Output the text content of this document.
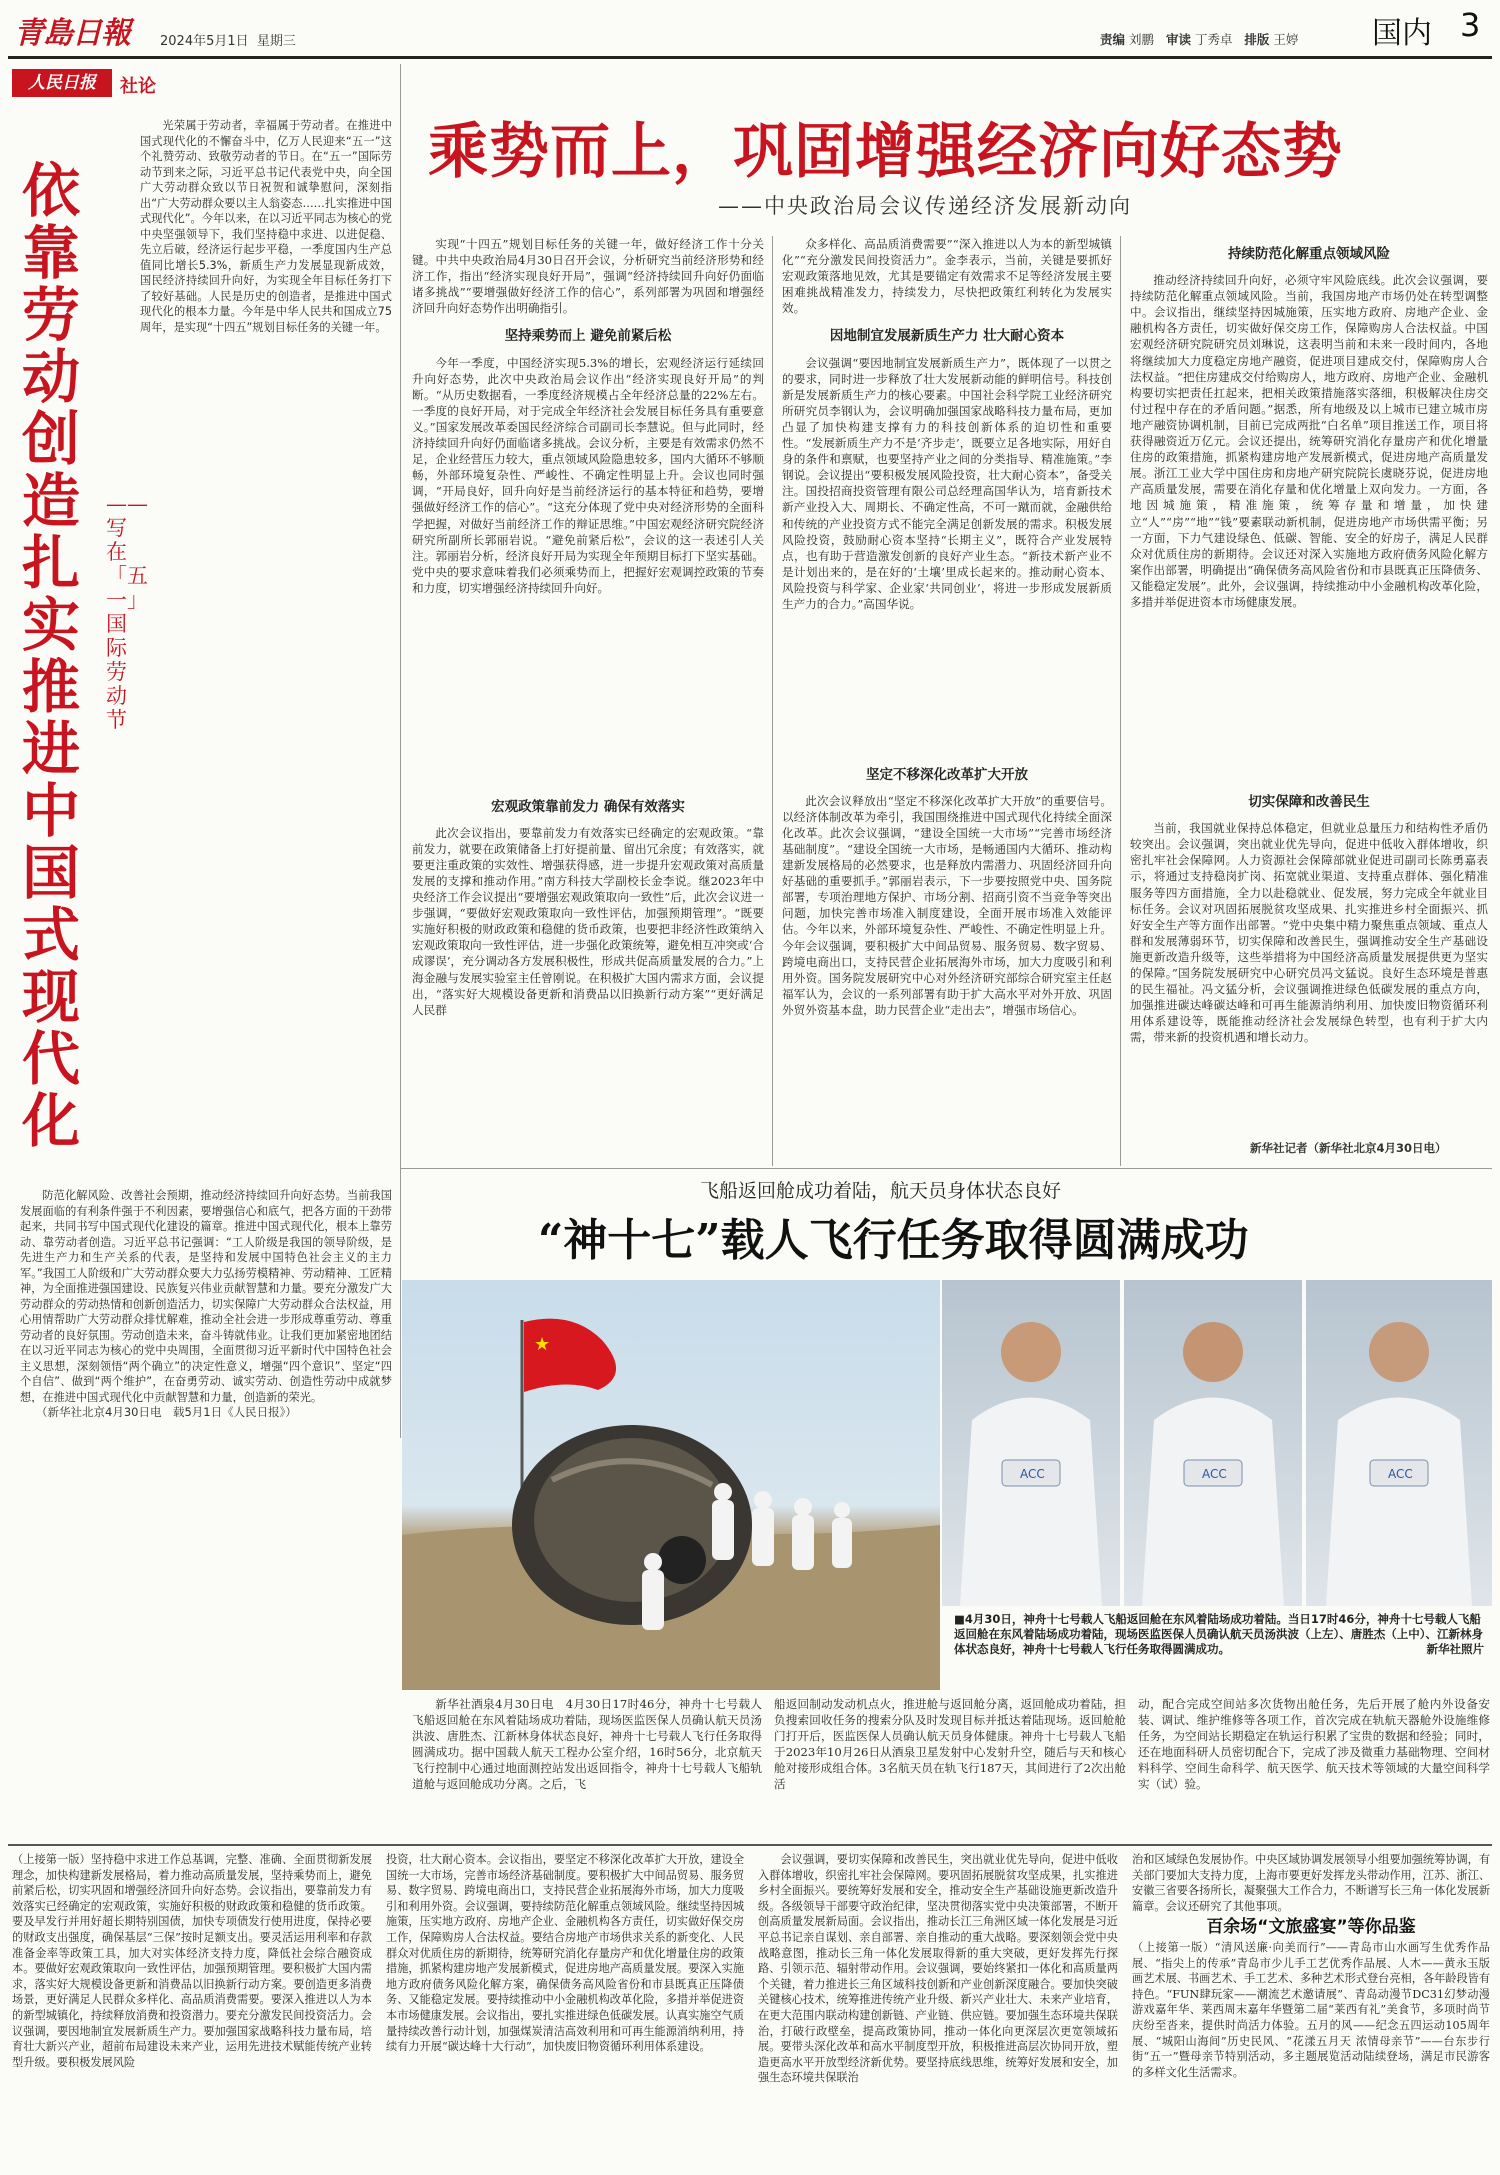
青島日報 2024年5月1日 星期三	责编 刘鹏 审读 丁秀卓 排版 王婷 国内 3
人民日报	社论
依靠劳动创造扎实推进中国式现代化
——写在「五一」国际劳动节

光荣属于劳动者，幸福属于劳动者。在推进中国式现代化的不懈奋斗中，亿万人民迎来“五一”这个礼赞劳动、致敬劳动者的节日。在“五一”国际劳动节到来之际，习近平总书记代表党中央，向全国广大劳动群众致以节日祝贺和诚挚慰问，深刻指出“广大劳动群众要以主人翁姿态……扎实推进中国式现代化”。今年以来，在以习近平同志为核心的党中央坚强领导下，我们坚持稳中求进、以进促稳、先立后破，经济运行起步平稳，一季度国内生产总值同比增长5.3%，新质生产力发展显现新成效，国民经济持续回升向好，为实现全年目标任务打下了较好基础。人民是历史的创造者，是推进中国式现代化的根本力量。今年是中华人民共和国成立75周年，是实现“十四五”规划目标任务的关键一年。

防范化解风险、改善社会预期，推动经济持续回升向好态势。当前我国发展面临的有利条件强于不利因素，要增强信心和底气，把各方面的干劲带起来，共同书写中国式现代化建设的篇章。推进中国式现代化，根本上靠劳动、靠劳动者创造。习近平总书记强调：“工人阶级是我国的领导阶级，是先进生产力和生产关系的代表，是坚持和发展中国特色社会主义的主力军。”我国工人阶级和广大劳动群众要大力弘扬劳模精神、劳动精神、工匠精神，为全面推进强国建设、民族复兴伟业贡献智慧和力量。要充分激发广大劳动群众的劳动热情和创新创造活力，切实保障广大劳动群众合法权益，用心用情帮助广大劳动群众排忧解难，推动全社会进一步形成尊重劳动、尊重劳动者的良好氛围。劳动创造未来，奋斗铸就伟业。让我们更加紧密地团结在以习近平同志为核心的党中央周围，全面贯彻习近平新时代中国特色社会主义思想，深刻领悟“两个确立”的决定性意义，增强“四个意识”、坚定“四个自信”、做到“两个维护”，在奋勇劳动、诚实劳动、创造性劳动中成就梦想，在推进中国式现代化中贡献智慧和力量，创造新的荣光。

（新华社北京4月30日电　载5月1日《人民日报》）
乘势而上，巩固增强经济向好态势
——中央政治局会议传递经济发展新动向

实现“十四五”规划目标任务的关键一年，做好经济工作十分关键。中共中央政治局4月30日召开会议，分析研究当前经济形势和经济工作，指出“经济实现良好开局”，强调“经济持续回升向好仍面临诸多挑战”“要增强做好经济工作的信心”，系列部署为巩固和增强经济回升向好态势作出明确指引。

坚持乘势而上 避免前紧后松

今年一季度，中国经济实现5.3%的增长，宏观经济运行延续回升向好态势，此次中央政治局会议作出“经济实现良好开局”的判断。“从历史数据看，一季度经济规模占全年经济总量的22%左右。一季度的良好开局，对于完成全年经济社会发展目标任务具有重要意义。”国家发展改革委国民经济综合司副司长李慧说。但与此同时，经济持续回升向好仍面临诸多挑战。会议分析，主要是有效需求仍然不足，企业经营压力较大，重点领域风险隐患较多，国内大循环不够顺畅，外部环境复杂性、严峻性、不确定性明显上升。会议也同时强调，“开局良好，回升向好是当前经济运行的基本特征和趋势，要增强做好经济工作的信心”。“这充分体现了党中央对经济形势的全面科学把握，对做好当前经济工作的辩证思维。”中国宏观经济研究院经济研究所副所长郭丽岩说。“避免前紧后松”，会议的这一表述引人关注。郭丽岩分析，经济良好开局为实现全年预期目标打下坚实基础。党中央的要求意味着我们必须乘势而上，把握好宏观调控政策的节奏和力度，切实增强经济持续回升向好。

宏观政策靠前发力 确保有效落实

此次会议指出，要靠前发力有效落实已经确定的宏观政策。“靠前发力，就要在政策储备上打好提前量、留出冗余度；有效落实，就要更注重政策的实效性、增强获得感，进一步提升宏观政策对高质量发展的支撑和推动作用。”南方科技大学副校长金李说。继2023年中央经济工作会议提出“要增强宏观政策取向一致性”后，此次会议进一步强调，“要做好宏观政策取向一致性评估，加强预期管理”。“既要实施好积极的财政政策和稳健的货币政策，也要把非经济性政策纳入宏观政策取向一致性评估，进一步强化政策统筹，避免相互冲突或‘合成谬误’，充分调动各方发展积极性，形成共促高质量发展的合力。”上海金融与发展实验室主任曾刚说。在积极扩大国内需求方面，会议提出，“落实好大规模设备更新和消费品以旧换新行动方案”“更好满足人民群

众多样化、高品质消费需要”“深入推进以人为本的新型城镇化”“充分激发民间投资活力”。金李表示，当前，关键是要抓好宏观政策落地见效，尤其是要锚定有效需求不足等经济发展主要困难挑战精准发力，持续发力，尽快把政策红利转化为发展实效。

因地制宜发展新质生产力 壮大耐心资本

会议强调“要因地制宜发展新质生产力”，既体现了一以贯之的要求，同时进一步释放了壮大发展新动能的鲜明信号。科技创新是发展新质生产力的核心要素。中国社会科学院工业经济研究所研究员李钢认为，会议明确加强国家战略科技力量布局，更加凸显了加快构建支撑有力的科技创新体系的迫切性和重要性。“发展新质生产力不是‘齐步走’，既要立足各地实际，用好自身的条件和禀赋，也要坚持产业之间的分类指导、精准施策。”李钢说。会议提出“要积极发展风险投资，壮大耐心资本”，备受关注。国投招商投资管理有限公司总经理高国华认为，培育新技术新产业投入大、周期长、不确定性高，不可一蹴而就，金融供给和传统的产业投资方式不能完全满足创新发展的需求。积极发展风险投资，鼓励耐心资本坚持“长期主义”，既符合产业发展特点，也有助于营造激发创新的良好产业生态。“新技术新产业不是计划出来的，是在好的‘土壤’里成长起来的。推动耐心资本、风险投资与科学家、企业家‘共同创业’，将进一步形成发展新质生产力的合力。”高国华说。

坚定不移深化改革扩大开放

此次会议释放出“坚定不移深化改革扩大开放”的重要信号。以经济体制改革为牵引，我国围绕推进中国式现代化持续全面深化改革。此次会议强调，“建设全国统一大市场”“完善市场经济基础制度”。“建设全国统一大市场，是畅通国内大循环、推动构建新发展格局的必然要求，也是释放内需潜力、巩固经济回升向好基础的重要抓手。”郭丽岩表示，下一步要按照党中央、国务院部署，专项治理地方保护、市场分割、招商引资不当竞争等突出问题，加快完善市场准入制度建设，全面开展市场准入效能评估。今年以来，外部环境复杂性、严峻性、不确定性明显上升。今年会议强调，要积极扩大中间品贸易、服务贸易、数字贸易、跨境电商出口，支持民营企业拓展海外市场，加大力度吸引和利用外资。国务院发展研究中心对外经济研究部综合研究室主任赵福军认为，会议的一系列部署有助于扩大高水平对外开放、巩固外贸外资基本盘，助力民营企业“走出去”，增强市场信心。

持续防范化解重点领域风险

推动经济持续回升向好，必须守牢风险底线。此次会议强调，要持续防范化解重点领域风险。当前，我国房地产市场仍处在转型调整中。会议指出，继续坚持因城施策，压实地方政府、房地产企业、金融机构各方责任，切实做好保交房工作，保障购房人合法权益。中国宏观经济研究院研究员刘琳说，这表明当前和未来一段时间内，各地将继续加大力度稳定房地产融资，促进项目建成交付，保障购房人合法权益。“把住房建成交付给购房人，地方政府、房地产企业、金融机构要切实把责任扛起来，把相关政策措施落实落细，积极解决住房交付过程中存在的矛盾问题。”据悉，所有地级及以上城市已建立城市房地产融资协调机制，目前已完成两批“白名单”项目推送工作，项目将获得融资近万亿元。会议还提出，统筹研究消化存量房产和优化增量住房的政策措施，抓紧构建房地产发展新模式，促进房地产高质量发展。浙江工业大学中国住房和房地产研究院院长虞晓芬说，促进房地产高质量发展，需要在消化存量和优化增量上双向发力。一方面，各地因城施策，精准施策，统筹存量和增量，加快建立“人”“房”“地”“钱”要素联动新机制，促进房地产市场供需平衡；另一方面，下力气建设绿色、低碳、智能、安全的好房子，满足人民群众对优质住房的新期待。会议还对深入实施地方政府债务风险化解方案作出部署，明确提出“确保债务高风险省份和市县既真正压降债务、又能稳定发展”。此外，会议强调，持续推动中小金融机构改革化险，多措并举促进资本市场健康发展。

切实保障和改善民生

当前，我国就业保持总体稳定，但就业总量压力和结构性矛盾仍较突出。会议强调，突出就业优先导向，促进中低收入群体增收，织密扎牢社会保障网。人力资源社会保障部就业促进司副司长陈勇嘉表示，将通过支持稳岗扩岗、拓宽就业渠道、支持重点群体、强化精准服务等四方面措施，全力以赴稳就业、促发展，努力完成全年就业目标任务。会议对巩固拓展脱贫攻坚成果、扎实推进乡村全面振兴、抓好安全生产等方面作出部署。“党中央集中精力聚焦重点领域、重点人群和发展薄弱环节，切实保障和改善民生，强调推动安全生产基础设施更新改造升级等，这些举措将为中国经济高质量发展提供更为坚实的保障。”国务院发展研究中心研究员冯文猛说。良好生态环境是普惠的民生福祉。冯文猛分析，会议强调推进绿色低碳发展的重点方向，加强推进碳达峰碳达峰和可再生能源消纳利用、加快废旧物资循环利用体系建设等，既能推动经济社会发展绿色转型，也有利于扩大内需，带来新的投资机遇和增长动力。

新华社记者（新华社北京4月30日电）
飞船返回舱成功着陆，航天员身体状态良好
“神十七”载人飞行任务取得圆满成功
★
ACC	ACC	ACC
■4月30日，神舟十七号载人飞船返回舱在东风着陆场成功着陆。当日17时46分，神舟十七号载人飞船返回舱在东风着陆场成功着陆，现场医监医保人员确认航天员汤洪波（上左）、唐胜杰（上中）、江新林身体状态良好，神舟十七号载人飞行任务取得圆满成功。	新华社照片

新华社酒泉4月30日电　4月30日17时46分，神舟十七号载人飞船返回舱在东风着陆场成功着陆，现场医监医保人员确认航天员汤洪波、唐胜杰、江新林身体状态良好，神舟十七号载人飞行任务取得圆满成功。据中国载人航天工程办公室介绍，16时56分，北京航天飞行控制中心通过地面测控站发出返回指令，神舟十七号载人飞船轨道舱与返回舱成功分离。之后，飞

船返回制动发动机点火，推进舱与返回舱分离，返回舱成功着陆，担负搜索回收任务的搜索分队及时发现目标并抵达着陆现场。返回舱舱门打开后，医监医保人员确认航天员身体健康。神舟十七号载人飞船于2023年10月26日从酒泉卫星发射中心发射升空，随后与天和核心舱对接形成组合体。3名航天员在轨飞行187天，其间进行了2次出舱活

动，配合完成空间站多次货物出舱任务，先后开展了舱内外设备安装、调试、维护维修等各项工作，首次完成在轨航天器舱外设施维修任务，为空间站长期稳定在轨运行积累了宝贵的数据和经验；同时，还在地面科研人员密切配合下，完成了涉及微重力基础物理、空间材料科学、空间生命科学、航天医学、航天技术等领域的大量空间科学实（试）验。

（上接第一版）坚持稳中求进工作总基调，完整、准确、全面贯彻新发展理念，加快构建新发展格局，着力推动高质量发展，坚持乘势而上，避免前紧后松，切实巩固和增强经济回升向好态势。会议指出，要靠前发力有效落实已经确定的宏观政策，实施好积极的财政政策和稳健的货币政策。要及早发行并用好超长期特别国债，加快专项债发行使用进度，保持必要的财政支出强度，确保基层“三保”按时足额支出。要灵活运用利率和存款准备金率等政策工具，加大对实体经济支持力度，降低社会综合融资成本。要做好宏观政策取向一致性评估，加强预期管理。要积极扩大国内需求，落实好大规模设备更新和消费品以旧换新行动方案。要创造更多消费场景，更好满足人民群众多样化、高品质消费需要。要深入推进以人为本的新型城镇化，持续释放消费和投资潜力。要充分激发民间投资活力。会议强调，要因地制宜发展新质生产力。要加强国家战略科技力量布局，培育壮大新兴产业，超前布局建设未来产业，运用先进技术赋能传统产业转型升级。要积极发展风险

投资，壮大耐心资本。会议指出，要坚定不移深化改革扩大开放，建设全国统一大市场，完善市场经济基础制度。要积极扩大中间品贸易、服务贸易、数字贸易、跨境电商出口，支持民营企业拓展海外市场，加大力度吸引和利用外资。会议强调，要持续防范化解重点领域风险。继续坚持因城施策，压实地方政府、房地产企业、金融机构各方责任，切实做好保交房工作，保障购房人合法权益。要结合房地产市场供求关系的新变化、人民群众对优质住房的新期待，统筹研究消化存量房产和优化增量住房的政策措施，抓紧构建房地产发展新模式，促进房地产高质量发展。要深入实施地方政府债务风险化解方案，确保债务高风险省份和市县既真正压降债务、又能稳定发展。要持续推动中小金融机构改革化险，多措并举促进资本市场健康发展。会议指出，要扎实推进绿色低碳发展。认真实施空气质量持续改善行动计划，加强煤炭清洁高效利用和可再生能源消纳利用，持续有力开展“碳达峰十大行动”，加快废旧物资循环利用体系建设。

会议强调，要切实保障和改善民生，突出就业优先导向，促进中低收入群体增收，织密扎牢社会保障网。要巩固拓展脱贫攻坚成果，扎实推进乡村全面振兴。要统筹好发展和安全，推动安全生产基础设施更新改造升级。各级领导干部要守政治纪律，坚决贯彻落实党中央决策部署，不断开创高质量发展新局面。会议指出，推动长江三角洲区域一体化发展是习近平总书记亲自谋划、亲自部署、亲自推动的重大战略。要深刻领会党中央战略意图，推动长三角一体化发展取得新的重大突破，更好发挥先行探路、引领示范、辐射带动作用。会议强调，要始终紧扣一体化和高质量两个关键，着力推进长三角区域科技创新和产业创新深度融合。要加快突破关键核心技术，统筹推进传统产业升级、新兴产业壮大、未来产业培育，在更大范围内联动构建创新链、产业链、供应链。要加强生态环境共保联治，打破行政壁垒，提高政策协同，推动一体化向更深层次更宽领域拓展。要带头深化改革和高水平制度型开放，积极推进高层次协同开放，塑造更高水平开放型经济新优势。要坚持底线思维，统筹好发展和安全，加强生态环境共保联治

治和区域绿色发展协作。中央区域协调发展领导小组要加强统筹协调，有关部门要加大支持力度，上海市要更好发挥龙头带动作用，江苏、浙江、安徽三省要各扬所长，凝聚强大工作合力，不断谱写长三角一体化发展新篇章。会议还研究了其他事项。

百余场“文旅盛宴”等你品鉴

（上接第一版）“清风送廉·向美而行”——青岛市山水画写生优秀作品展、“指尖上的传承”青岛市少儿手工艺优秀作品展、人木——黄永玉版画艺术展、书画艺术、手工艺术、多种艺术形式登台亮相，各年龄段皆有持色。“FUN肆玩家——潮流艺术邀请展”、青岛动漫节DC31幻梦动漫游戏嘉年华、莱西周末嘉年华暨第二届“莱西有礼”美食节，多项时尚节庆纷至沓来，提供时尚活力体验。五月的风——纪念五四运动105周年展、“城阳山海间”历史民风、“花漾五月天 浓情母亲节”——台东步行街“五一”暨母亲节特别活动，多主题展览活动陆续登场，满足市民游客的多样文化生活需求。
